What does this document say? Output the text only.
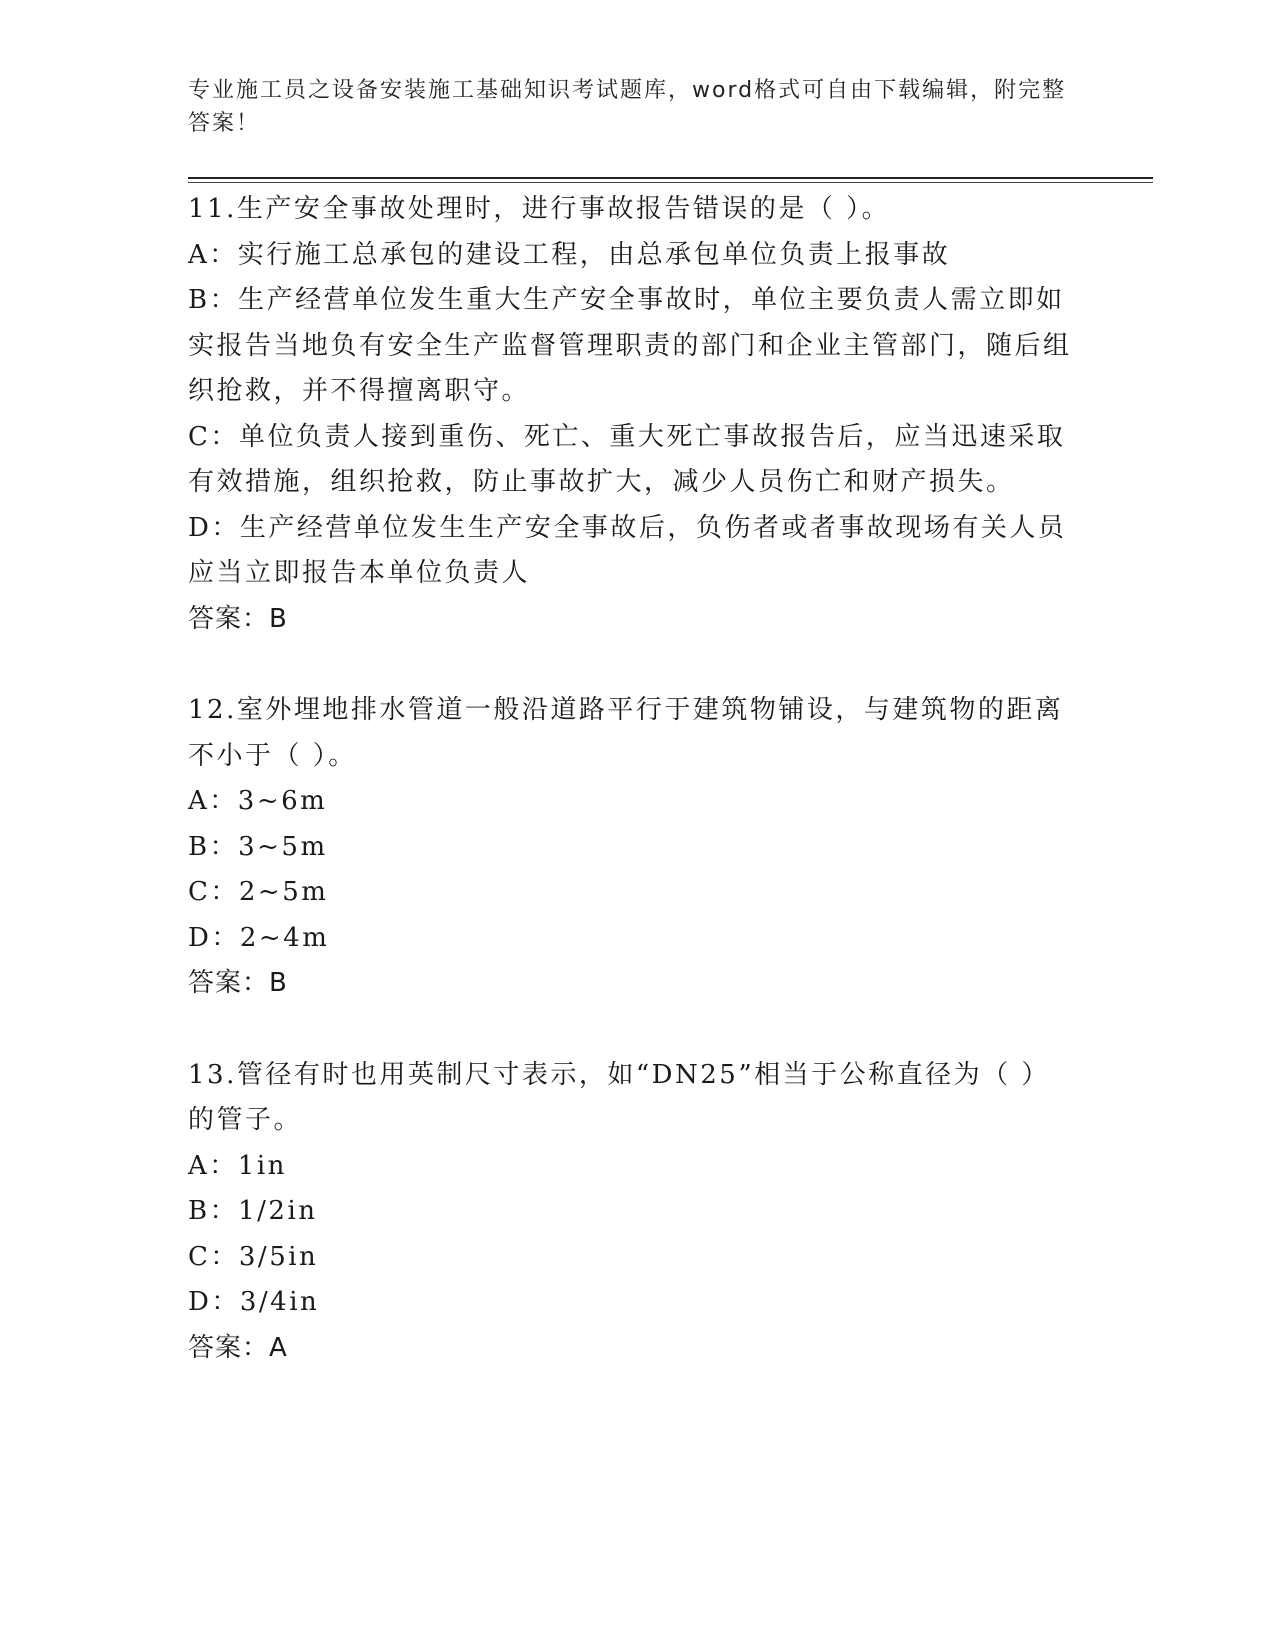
专业施工员之设备安装施工基础知识考试题库，word格式可自由下载编辑，附完整答案！

11.生产安全事故处理时，进行事故报告错误的是（ ）。

A：实行施工总承包的建设工程，由总承包单位负责上报事故

B：生产经营单位发生重大生产安全事故时，单位主要负责人需立即如实报告当地负有安全生产监督管理职责的部门和企业主管部门，随后组织抢救，并不得擅离职守。

C：单位负责人接到重伤、死亡、重大死亡事故报告后，应当迅速采取有效措施，组织抢救，防止事故扩大，减少人员伤亡和财产损失。

D：生产经营单位发生生产安全事故后，负伤者或者事故现场有关人员应当立即报告本单位负责人

答案：B

12.室外埋地排水管道一般沿道路平行于建筑物铺设，与建筑物的距离不小于（ ）。

A：3~6m

B：3~5m

C：2~5m

D：2~4m

答案：B

13.管径有时也用英制尺寸表示，如“DN25”相当于公称直径为（ ）的管子。

A：1in

B：1/2in

C：3/5in

D：3/4in

答案：A
